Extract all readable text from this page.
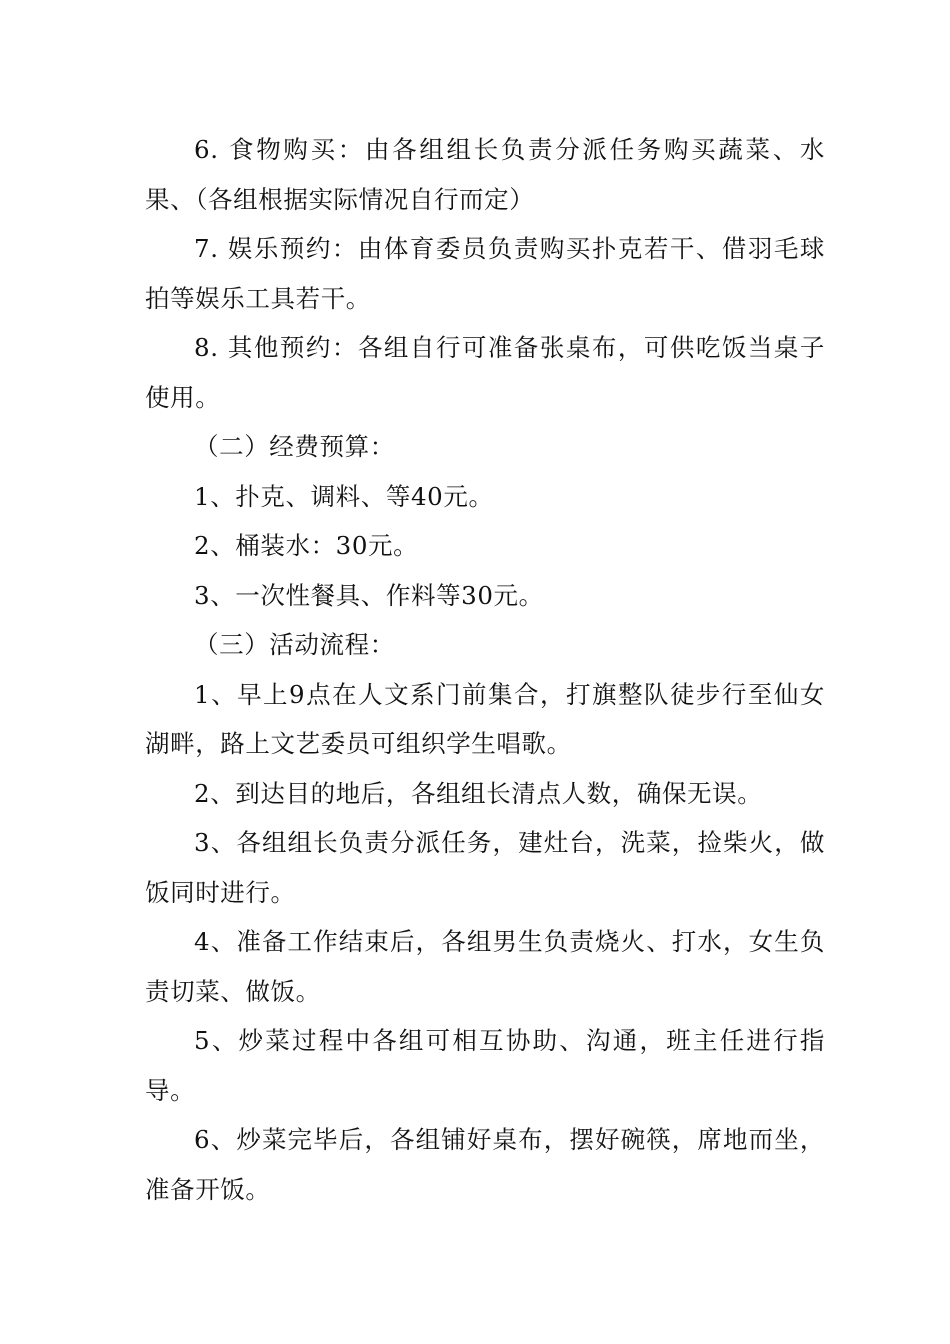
6. 食物购买：由各组组长负责分派任务购买蔬菜、水果、（各组根据实际情况自行而定）

7. 娱乐预约：由体育委员负责购买扑克若干、借羽毛球拍等娱乐工具若干。

8. 其他预约：各组自行可准备张桌布，可供吃饭当桌子使用。

（二）经费预算：

1、扑克、调料、等40元。

2、桶装水：30元。

3、一次性餐具、作料等30元。

（三）活动流程：

1、早上9点在人文系门前集合，打旗整队徒步行至仙女湖畔，路上文艺委员可组织学生唱歌。

2、到达目的地后，各组组长清点人数，确保无误。

3、各组组长负责分派任务，建灶台，洗菜，捡柴火，做饭同时进行。

4、准备工作结束后，各组男生负责烧火、打水，女生负责切菜、做饭。

5、炒菜过程中各组可相互协助、沟通，班主任进行指导。

6、炒菜完毕后，各组铺好桌布，摆好碗筷，席地而坐，准备开饭。
